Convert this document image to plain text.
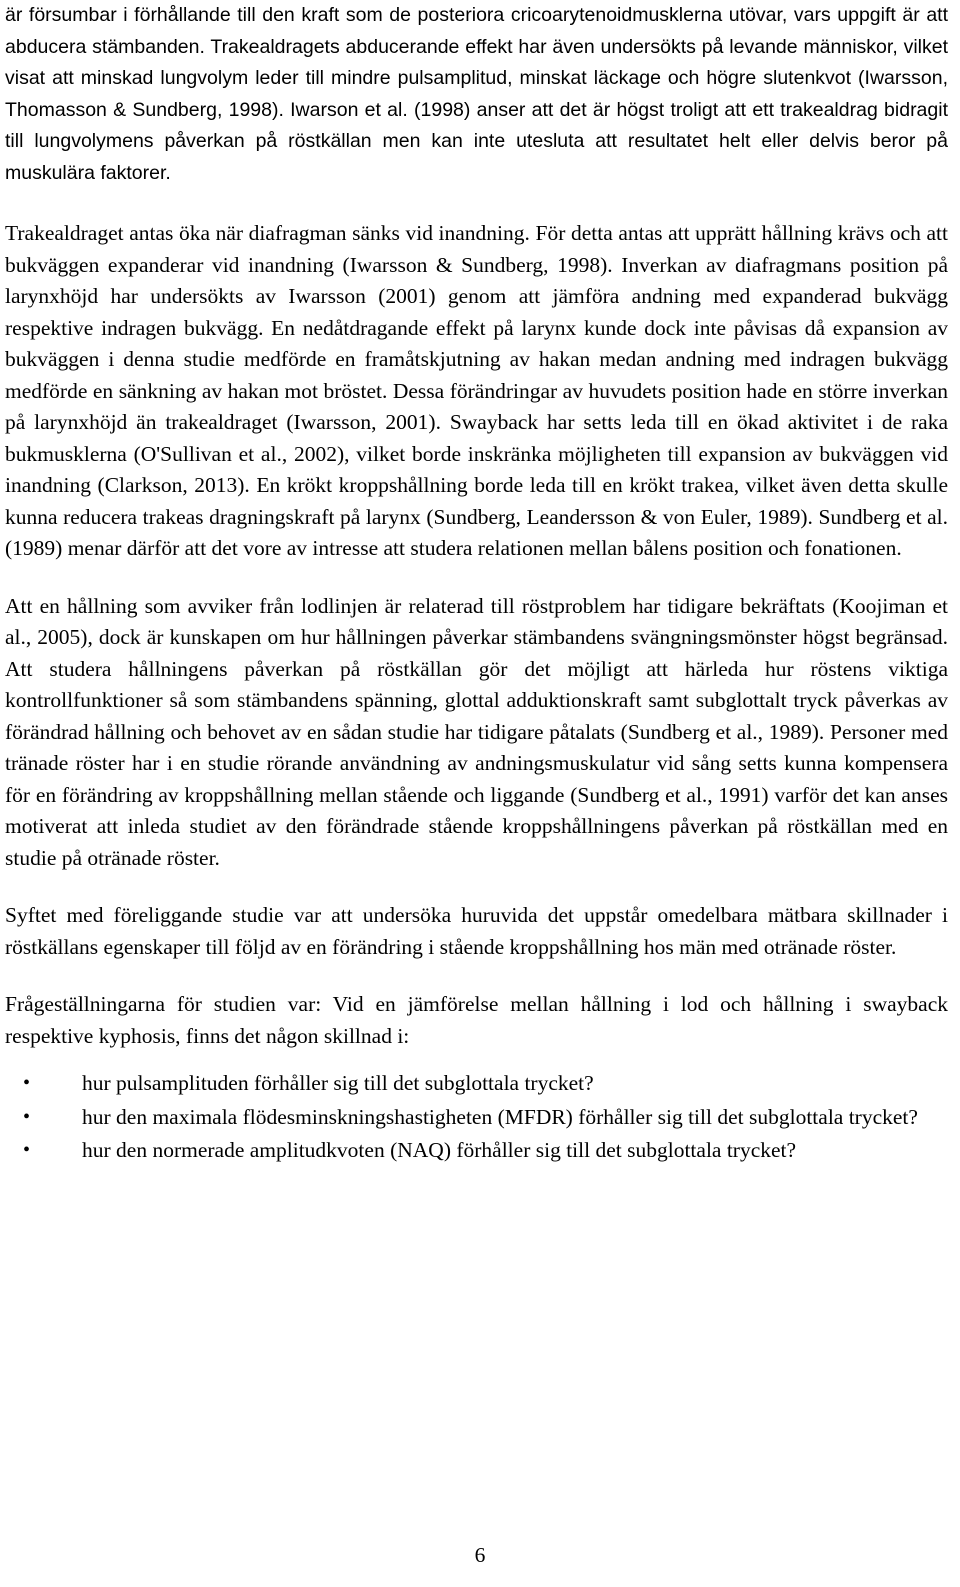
är försumbar i förhållande till den kraft som de posteriora cricoarytenoidmusklerna utövar, vars uppgift är att abducera stämbanden. Trakealdragets abducerande effekt har även undersökts på levande människor, vilket visat att minskad lungvolym leder till mindre pulsamplitud, minskat läckage och högre slutenkvot (Iwarsson, Thomasson & Sundberg, 1998). Iwarson et al. (1998) anser att det är högst troligt att ett trakealdrag bidragit till lungvolymens påverkan på röstkällan men kan inte utesluta att resultatet helt eller delvis beror på muskulära faktorer.

Trakealdraget antas öka när diafragman sänks vid inandning. För detta antas att upprätt hållning krävs och att bukväggen expanderar vid inandning (Iwarsson & Sundberg, 1998). Inverkan av diafragmans position på larynxhöjd har undersökts av Iwarsson (2001) genom att jämföra andning med expanderad bukvägg respektive indragen bukvägg. En nedåtdragande effekt på larynx kunde dock inte påvisas då expansion av bukväggen i denna studie medförde en framåtskjutning av hakan medan andning med indragen bukvägg medförde en sänkning av hakan mot bröstet. Dessa förändringar av huvudets position hade en större inverkan på larynxhöjd än trakealdraget (Iwarsson, 2001). Swayback har setts leda till en ökad aktivitet i de raka bukmusklerna (O'Sullivan et al., 2002), vilket borde inskränka möjligheten till expansion av bukväggen vid inandning (Clarkson, 2013). En krökt kroppshållning borde leda till en krökt trakea, vilket även detta skulle kunna reducera trakeas dragningskraft på larynx (Sundberg, Leandersson & von Euler, 1989). Sundberg et al. (1989) menar därför att det vore av intresse att studera relationen mellan bålens position och fonationen.

Att en hållning som avviker från lodlinjen är relaterad till röstproblem har tidigare bekräftats (Koojiman et al., 2005), dock är kunskapen om hur hållningen påverkar stämbandens svängningsmönster högst begränsad. Att studera hållningens påverkan på röstkällan gör det möjligt att härleda hur röstens viktiga kontrollfunktioner så som stämbandens spänning, glottal adduktionskraft samt subglottalt tryck påverkas av förändrad hållning och behovet av en sådan studie har tidigare påtalats (Sundberg et al., 1989). Personer med tränade röster har i en studie rörande användning av andningsmuskulatur vid sång setts kunna kompensera för en förändring av kroppshållning mellan stående och liggande (Sundberg et al., 1991) varför det kan anses motiverat att inleda studiet av den förändrade stående kroppshållningens påverkan på röstkällan med en studie på otränade röster.

Syftet med föreliggande studie var att undersöka huruvida det uppstår omedelbara mätbara skillnader i röstkällans egenskaper till följd av en förändring i stående kroppshållning hos män med otränade röster.

Frågeställningarna för studien var: Vid en jämförelse mellan hållning i lod och hållning i swayback respektive kyphosis, finns det någon skillnad i:

• hur pulsamplituden förhåller sig till det subglottala trycket?
• hur den maximala flödesminskningshastigheten (MFDR) förhåller sig till det subglottala trycket?
• hur den normerade amplitudkvoten (NAQ) förhåller sig till det subglottala trycket?
6
